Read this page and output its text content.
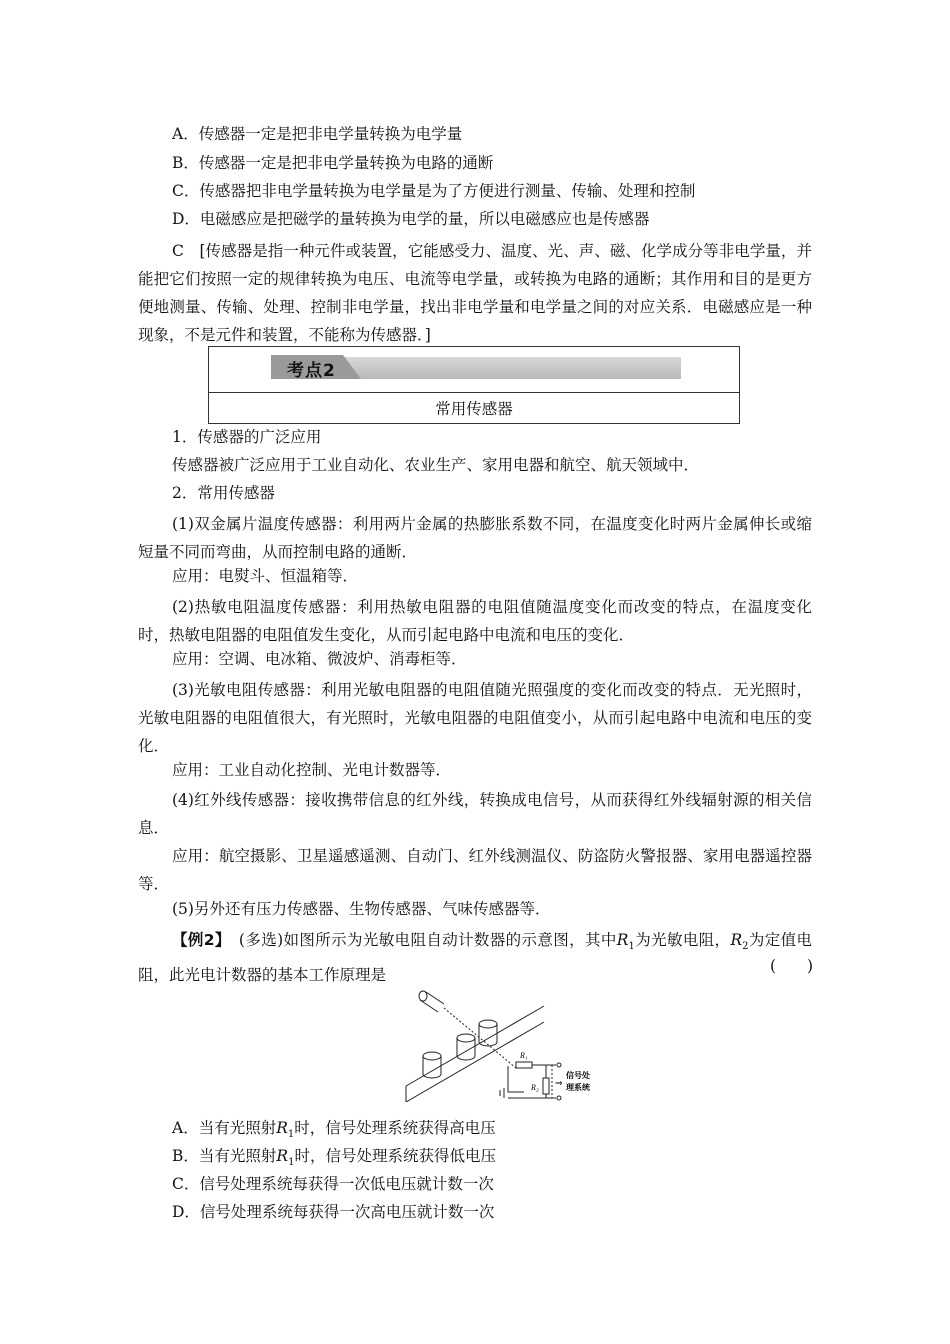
A．传感器一定是把非电学量转换为电学量
B．传感器一定是把非电学量转换为电路的通断
C．传感器把非电学量转换为电学量是为了方便进行测量、传输、处理和控制
D．电磁感应是把磁学的量转换为电学的量，所以电磁感应也是传感器
C　[传感器是指一种元件或装置，它能感受力、温度、光、声、磁、化学成分等非电学量，并能把它们按照一定的规律转换为电压、电流等电学量，或转换为电路的通断；其作用和目的是更方便地测量、传输、处理、控制非电学量，找出非电学量和电学量之间的对应关系．电磁感应是一种现象，不是元件和装置，不能称为传感器．]
考点2
常用传感器
1．传感器的广泛应用
传感器被广泛应用于工业自动化、农业生产、家用电器和航空、航天领域中．
2．常用传感器
(1)双金属片温度传感器：利用两片金属的热膨胀系数不同，在温度变化时两片金属伸长或缩短量不同而弯曲，从而控制电路的通断．
应用：电熨斗、恒温箱等．
(2)热敏电阻温度传感器：利用热敏电阻器的电阻值随温度变化而改变的特点，在温度变化时，热敏电阻器的电阻值发生变化，从而引起电路中电流和电压的变化．
应用：空调、电冰箱、微波炉、消毒柜等．
(3)光敏电阻传感器：利用光敏电阻器的电阻值随光照强度的变化而改变的特点．无光照时，光敏电阻器的电阻值很大，有光照时，光敏电阻器的电阻值变小，从而引起电路中电流和电压的变化．
应用：工业自动化控制、光电计数器等．
(4)红外线传感器：接收携带信息的红外线，转换成电信号，从而获得红外线辐射源的相关信息．
应用：航空摄影、卫星遥感遥测、自动门、红外线测温仪、防盗防火警报器、家用电器遥控器等．
(5)另外还有压力传感器、生物传感器、气味传感器等．
【例2】　(多选)如图所示为光敏电阻自动计数器的示意图，其中$R_1$为光敏电阻，$R_2$为定值电阻，此光电计数器的基本工作原理是
(　　)
R₁
R₂ ⇒
信号处
理系统
A．当有光照射$R_1$时，信号处理系统获得高电压
B．当有光照射$R_1$时，信号处理系统获得低电压
C．信号处理系统每获得一次低电压就计数一次
D．信号处理系统每获得一次高电压就计数一次
